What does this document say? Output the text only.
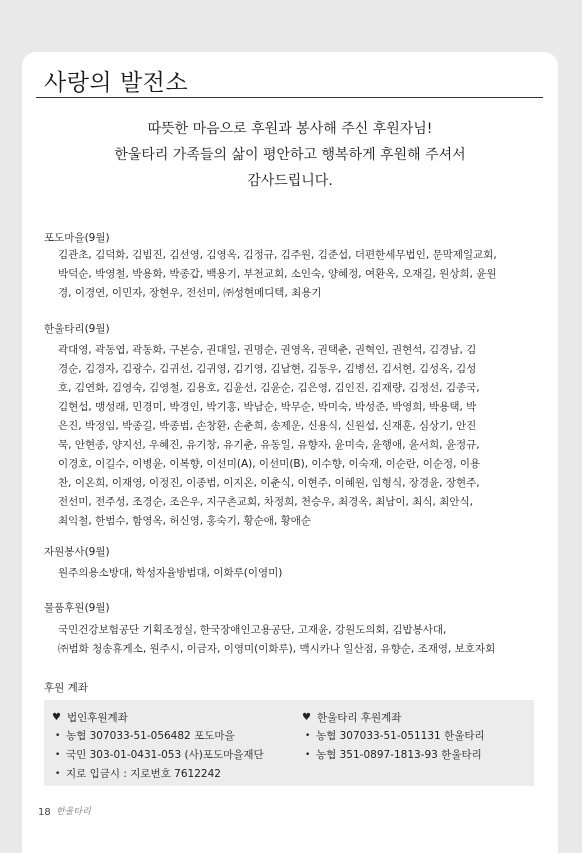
사랑의 발전소
따뜻한 마음으로 후원과 봉사해 주신 후원자님!
한울타리 가족들의 삶이 평안하고 행복하게 후원해 주셔서
감사드립니다.
포도마을(9월)
김관초, 김덕화, 김빔진, 김선영, 김영옥, 김정규, 김주원, 김준섭, 더편한세무법인, 문막제일교회,
박덕순, 박영철, 박용화, 박종갑, 백용기, 부천교회, 소인숙, 양혜정, 여환옥, 오재길, 원상희, 윤원
경, 이경연, 이민자, 장현우, 전선미, ㈜성현메디텍, 최용기
한울타리(9월)
곽대영, 곽동엽, 곽동화, 구본승, 권대일, 권명순, 권영옥, 권택춘, 권혁인, 권현석, 김경남, 김
경순, 김경자, 김광수, 김귀선, 김귀영, 김기영, 김남현, 김동우, 김병선, 김서현, 김성옥, 김성
호, 김연화, 김영숙, 김영철, 김용호, 김윤선, 김윤순, 김은영, 김인진, 김재량, 김정선, 김종국,
김현섭, 맹성래, 민경미, 박경인, 박기홍, 박남순, 박무순, 박미숙, 박성준, 박영희, 박용택, 박
은진, 박정임, 박종길, 박종범, 손창환, 손춘희, 송제운, 신용식, 신원섭, 신재훈, 심상기, 안진
묵, 안현종, 양지선, 우혜진, 유기창, 유기춘, 유동일, 유향자, 윤미숙, 윤행애, 윤서희, 윤정규,
이경호, 이길수, 이병윤, 이복향, 이선미(A), 이선미(B), 이수향, 이숙재, 이순란, 이순정, 이용
찬, 이온희, 이재영, 이정진, 이종범, 이지온, 이춘식, 이현주, 이혜원, 임형식, 장경윤, 장현주,
전선미, 전주성, 조경순, 조은우, 지구촌교회, 차정희, 천승우, 최경옥, 최남이, 최식, 최안식,
최익철, 한범수, 함영옥, 허신영, 홍숙기, 황순애, 황애순
자원봉사(9월)
원주의용소방대, 학성자율방범대, 이화루(이영미)
물품후원(9월)
국민건강보험공단 기획조정실, 한국장애인고용공단, 고재윤, 강원도의회, 김밥봉사대,
㈜범화 청송휴게소, 원주시, 이금자, 이영미(이화루), 맥시카나 일산점, 유향순, 조재영, 보호자회
후원 계좌
♥ 법인후원계좌
• 농협 307033-51-056482 포도마을
• 국민 303-01-0431-053 (사)포도마을재단
• 지로 입금시 : 지로번호 7612242
♥ 한울타리 후원계좌
• 농협 307033-51-051131 한울타리
• 농협 351-0897-1813-93 한울타리
18 한울타리
